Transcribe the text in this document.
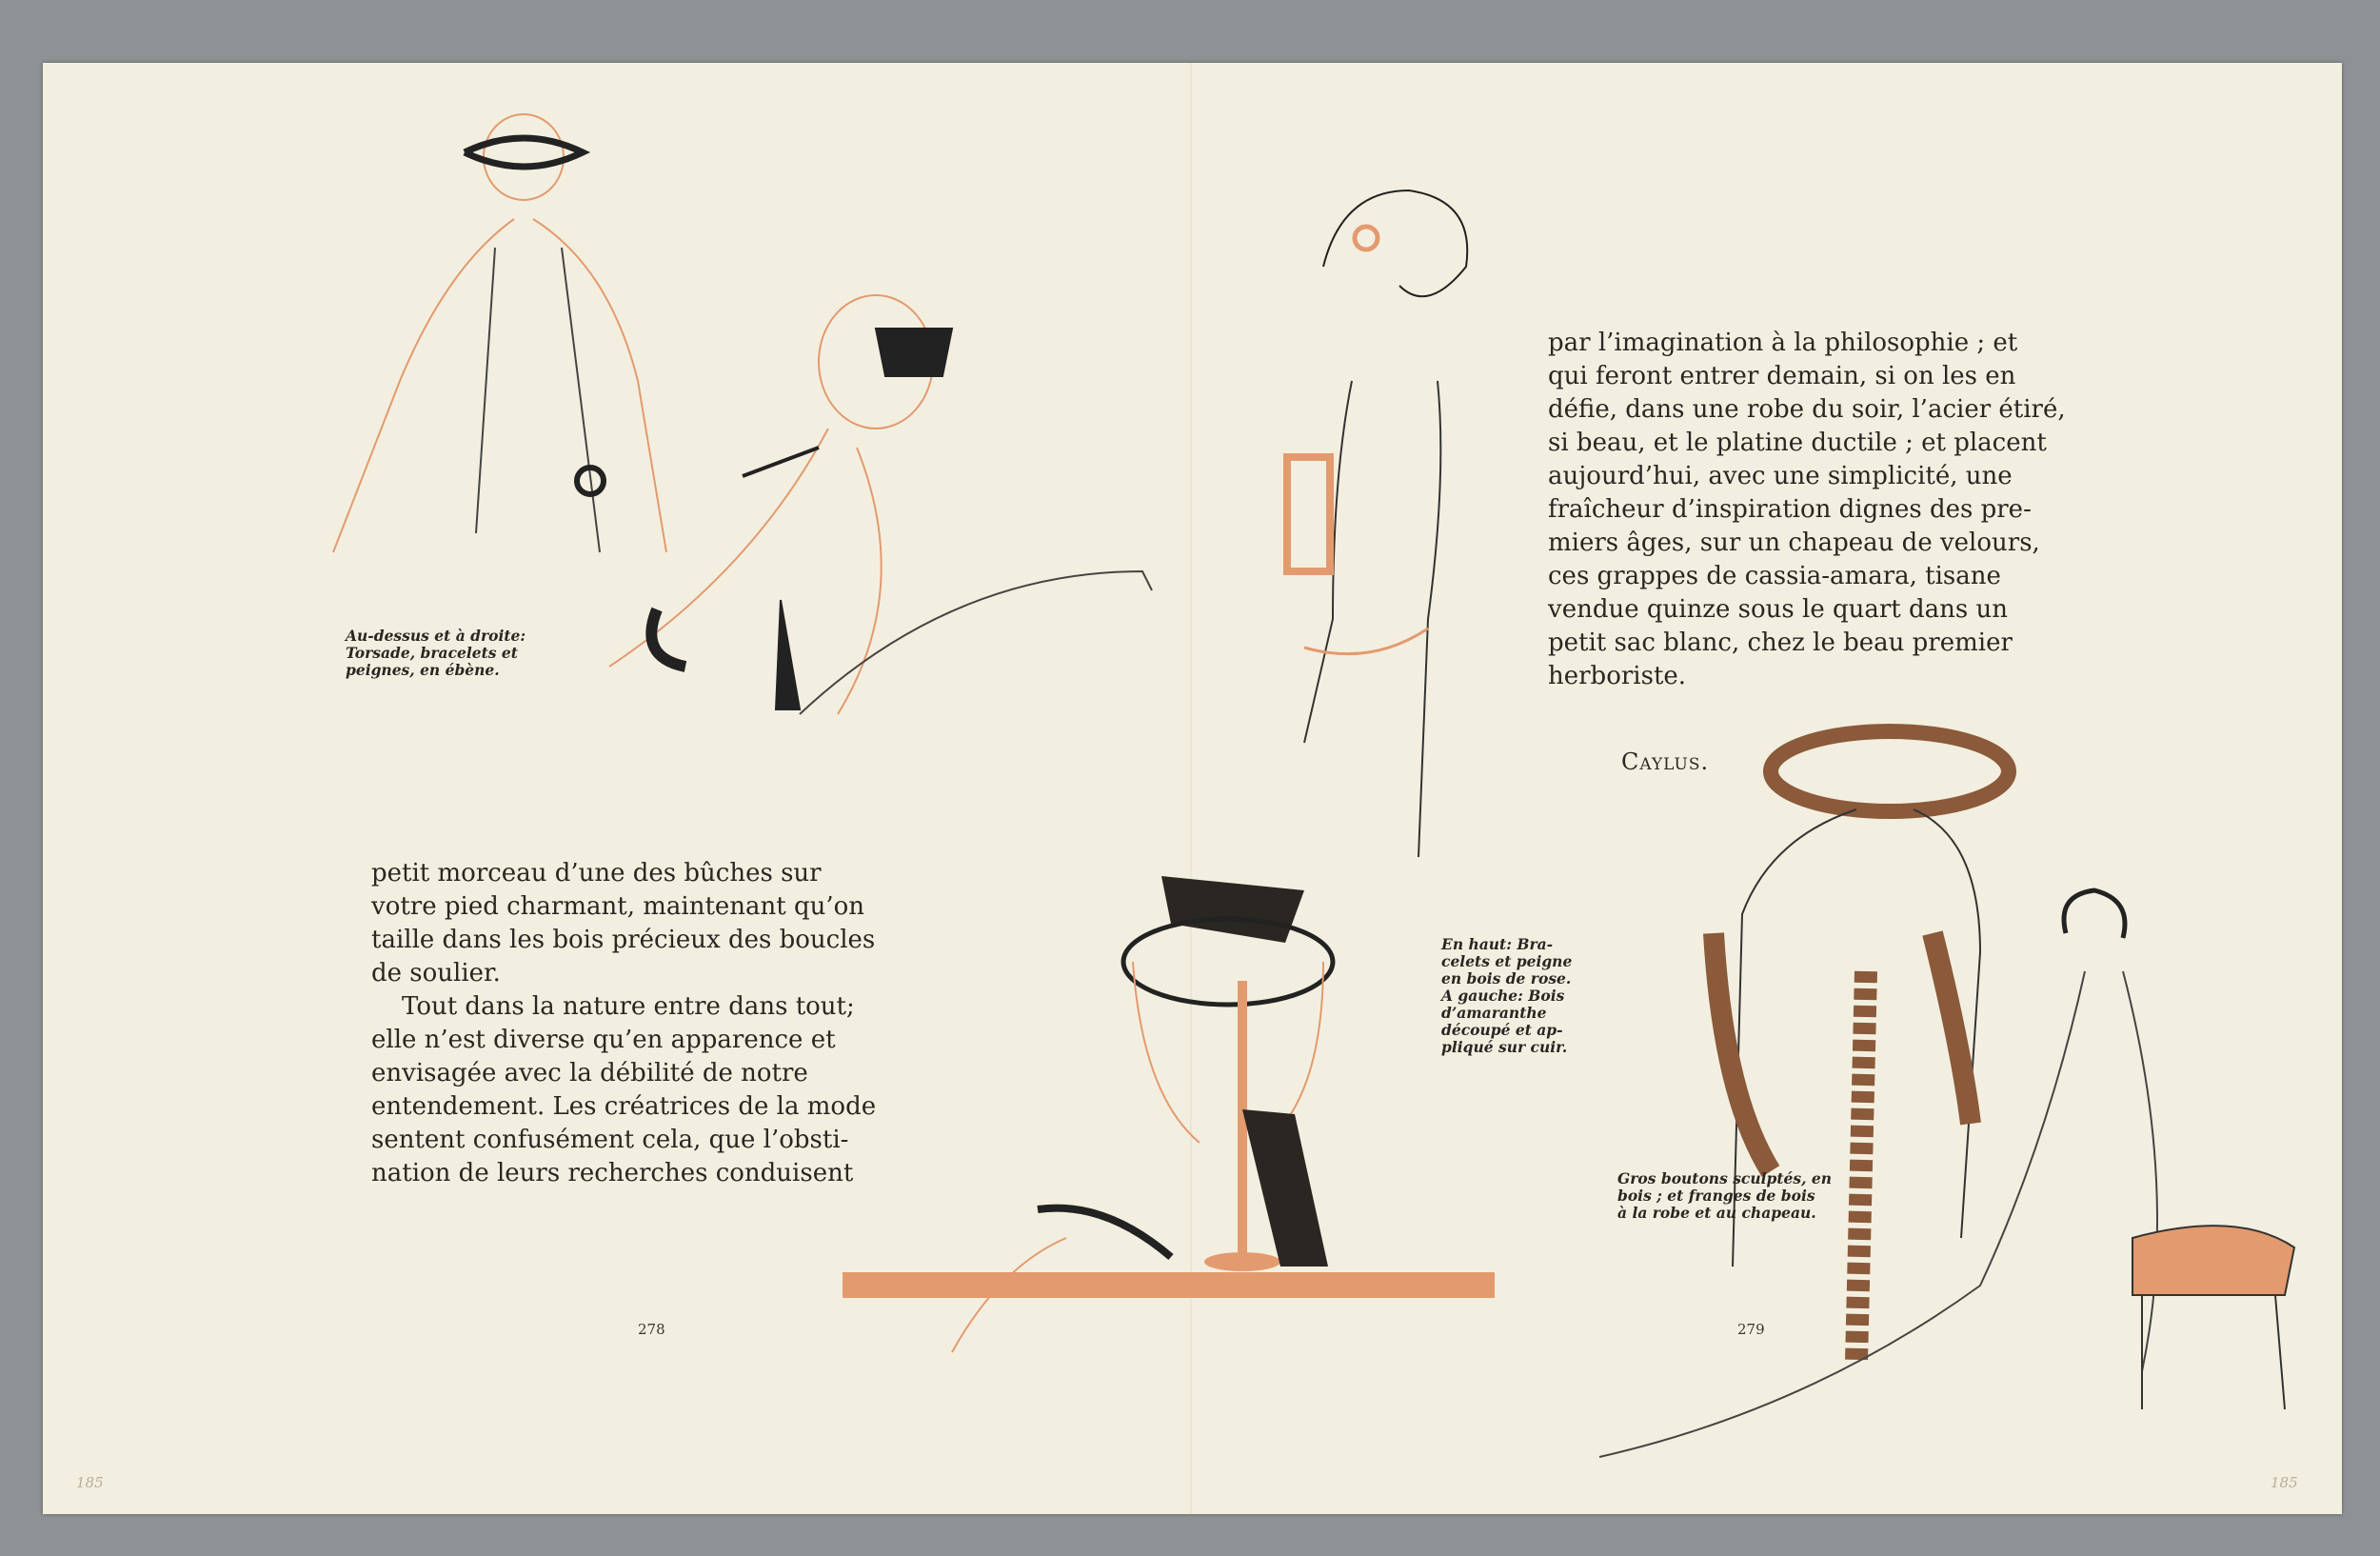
Au-dessus et à droite:
Torsade, bracelets et
peignes, en ébène.
petit morceau d’une des bûches sur
votre pied charmant, maintenant qu’on
taille dans les bois précieux des boucles
de soulier.
Tout dans la nature entre dans tout;
elle n’est diverse qu’en apparence et
envisagée avec la débilité de notre
entendement. Les créatrices de la mode
sentent confusément cela, que l’obsti-
nation de leurs recherches conduisent
par l’imagination à la philosophie ; et
qui feront entrer demain, si on les en
défie, dans une robe du soir, l’acier étiré,
si beau, et le platine ductile ; et placent
aujourd’hui, avec une simplicité, une
fraîcheur d’inspiration dignes des pre-
miers âges, sur un chapeau de velours,
ces grappes de cassia-amara, tisane
vendue quinze sous le quart dans un
petit sac blanc, chez le beau premier
herboriste.
Caylus.
En haut: Bra-
celets et peigne
en bois de rose.
A gauche: Bois
d’amaranthe
découpé et ap-
pliqué sur cuir.
Gros boutons sculptés, en
bois ; et franges de bois
à la robe et au chapeau.
278	279
185	185
